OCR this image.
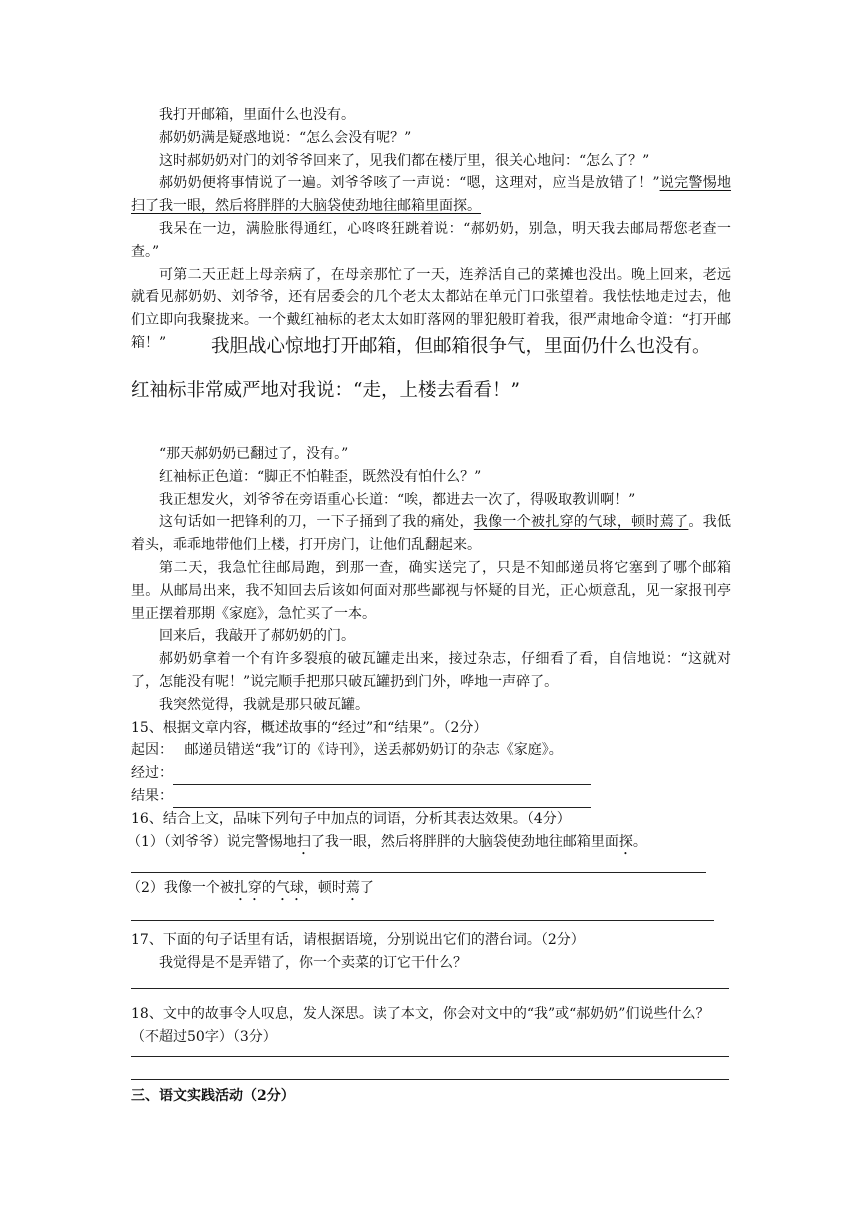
我打开邮箱，里面什么也没有。

郝奶奶满是疑惑地说：“怎么会没有呢？”

这时郝奶奶对门的刘爷爷回来了，见我们都在楼厅里，很关心地问：“怎么了？”

郝奶奶便将事情说了一遍。刘爷爷咳了一声说：“嗯，这理对，应当是放错了！”说完警惕地扫了我一眼，然后将胖胖的大脑袋使劲地往邮箱里面探。

我呆在一边，满脸胀得通红，心咚咚狂跳着说：“郝奶奶，别急，明天我去邮局帮您老查一查。”

可第二天正赶上母亲病了，在母亲那忙了一天，连养活自己的菜摊也没出。晚上回来，老远就看见郝奶奶、刘爷爷，还有居委会的几个老太太都站在单元门口张望着。我怯怯地走过去，他们立即向我聚拢来。一个戴红袖标的老太太如盯落网的罪犯般盯着我，很严肃地命令道：“打开邮箱！”	我胆战心惊地打开邮箱，但邮箱很争气，里面仍什么也没有。

红袖标非常威严地对我说：“走，上楼去看看！”

“那天郝奶奶已翻过了，没有。”

红袖标正色道：“脚正不怕鞋歪，既然没有怕什么？”

我正想发火，刘爷爷在旁语重心长道：“唉，都进去一次了，得吸取教训啊！”

这句话如一把锋利的刀，一下子捅到了我的痛处，我像一个被扎穿的气球，顿时蔫了。我低着头，乖乖地带他们上楼，打开房门，让他们乱翻起来。

第二天，我急忙往邮局跑，到那一查，确实送完了，只是不知邮递员将它塞到了哪个邮箱里。从邮局出来，我不知回去后该如何面对那些鄙视与怀疑的目光，正心烦意乱，见一家报刊亭里正摆着那期《家庭》，急忙买了一本。

回来后，我敲开了郝奶奶的门。

郝奶奶拿着一个有许多裂痕的破瓦罐走出来，接过杂志，仔细看了看，自信地说：“这就对了，怎能没有呢！”说完顺手把那只破瓦罐扔到门外，哗地一声碎了。

我突然觉得，我就是那只破瓦罐。

15、根据文章内容，概述故事的“经过”和“结果”。（2分）

起因：　 邮递员错送“我”订的《诗刊》，送丢郝奶奶订的杂志《家庭》。

经过：

结果：

16、结合上文，品味下列句子中加点的词语，分析其表达效果。（4分）

（1）（刘爷爷）说完警惕地扫了我一眼，然后将胖胖的大脑袋使劲地往邮箱里面探。

（2）我像一个被扎穿的气球，顿时蔫了

17、下面的句子话里有话，请根据语境，分别说出它们的潜台词。（2分）

我觉得是不是弄错了，你一个卖菜的订它干什么？

18、文中的故事令人叹息，发人深思。读了本文，你会对文中的“我”或“郝奶奶”们说些什么？（不超过50字）（3分）

三、语文实践活动（2分）
